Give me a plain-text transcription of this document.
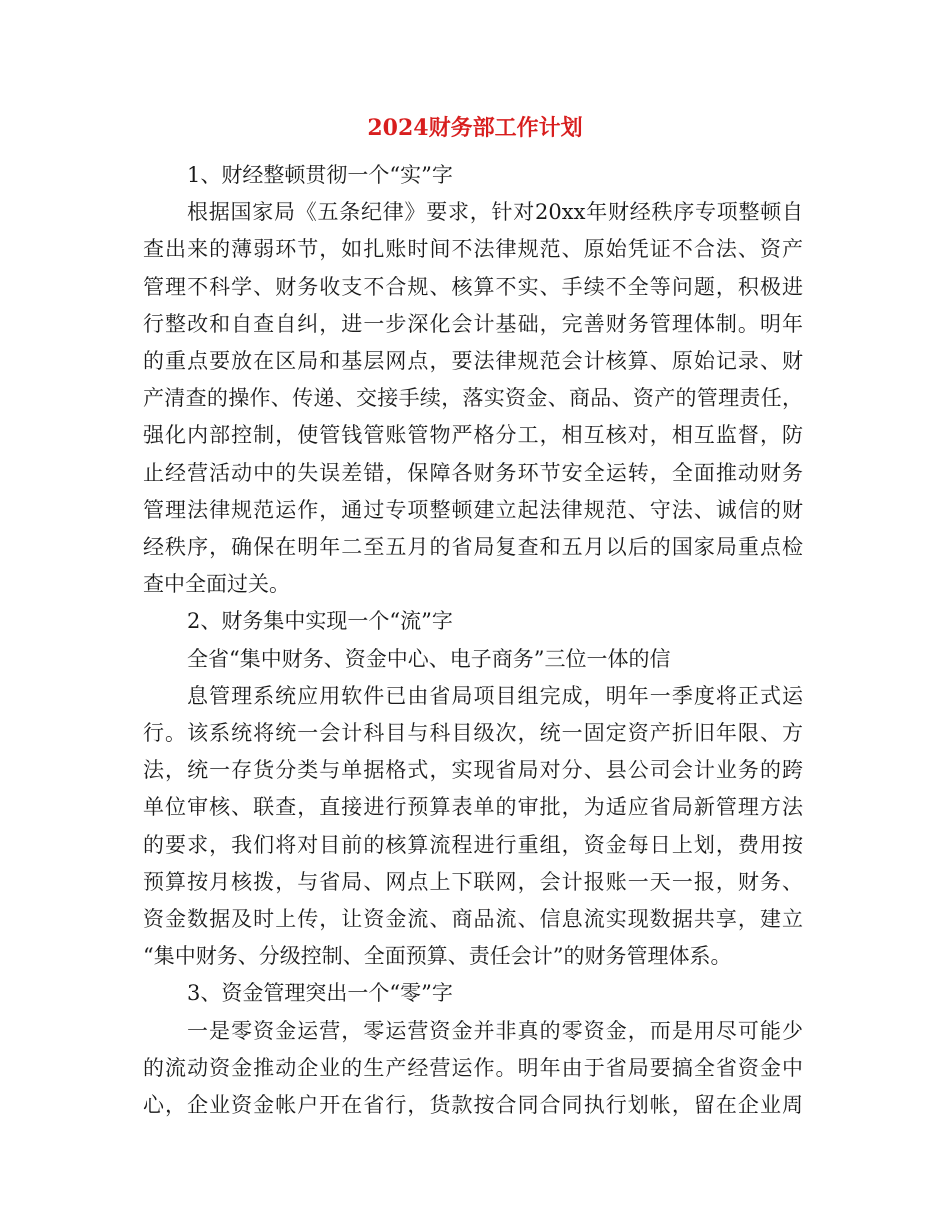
2024财务部工作计划
1、财经整顿贯彻一个“实”字
根据国家局《五条纪律》要求，针对20xx年财经秩序专项整顿自
查出来的薄弱环节，如扎账时间不法律规范、原始凭证不合法、资产
管理不科学、财务收支不合规、核算不实、手续不全等问题，积极进
行整改和自查自纠，进一步深化会计基础，完善财务管理体制。明年
的重点要放在区局和基层网点，要法律规范会计核算、原始记录、财
产清查的操作、传递、交接手续，落实资金、商品、资产的管理责任，
强化内部控制，使管钱管账管物严格分工，相互核对，相互监督，防
止经营活动中的失误差错，保障各财务环节安全运转，全面推动财务
管理法律规范运作，通过专项整顿建立起法律规范、守法、诚信的财
经秩序，确保在明年二至五月的省局复查和五月以后的国家局重点检
查中全面过关。
2、财务集中实现一个“流”字
全省“集中财务、资金中心、电子商务”三位一体的信
息管理系统应用软件已由省局项目组完成，明年一季度将正式运
行。该系统将统一会计科目与科目级次，统一固定资产折旧年限、方
法，统一存货分类与单据格式，实现省局对分、县公司会计业务的跨
单位审核、联查，直接进行预算表单的审批，为适应省局新管理方法
的要求，我们将对目前的核算流程进行重组，资金每日上划，费用按
预算按月核拨，与省局、网点上下联网，会计报账一天一报，财务、
资金数据及时上传，让资金流、商品流、信息流实现数据共享，建立
“集中财务、分级控制、全面预算、责任会计”的财务管理体系。
3、资金管理突出一个“零”字
一是零资金运营，零运营资金并非真的零资金，而是用尽可能少
的流动资金推动企业的生产经营运作。明年由于省局要搞全省资金中
心，企业资金帐户开在省行，货款按合同合同执行划帐，留在企业周
